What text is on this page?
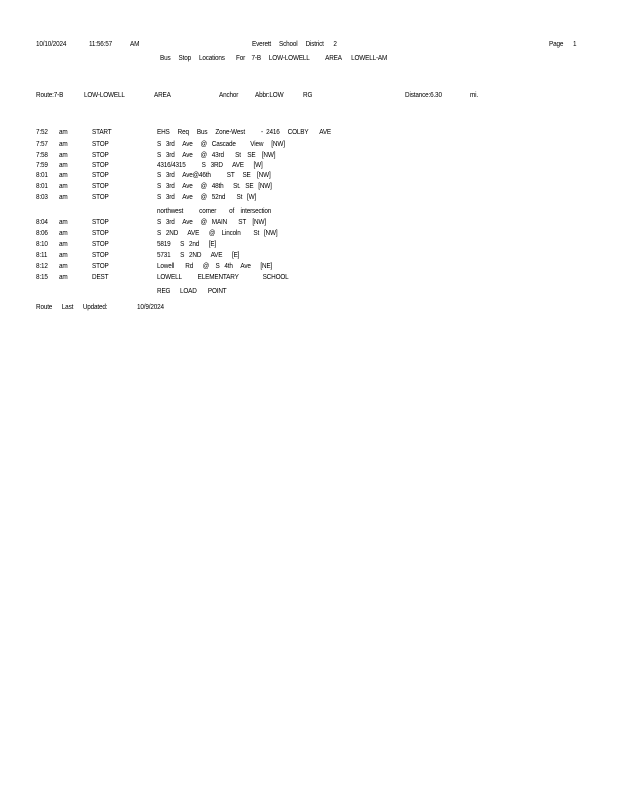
10/10/2024	11:56:57 AM	Everett     School     District      2	Page 1
Bus     Stop     Locations       For    7-B     LOW-LOWELL          AREA      LOWELL-AM
Route:7-B	LOW-LOWELL	AREA	Anchor Abbr:LOW	RG	Distance:6.30	mi.
7:52 am	START	EHS     Req     Bus     Zone-West          -  2416     COLBY       AVE
7:57 am	STOP	S   3rd     Ave     @   Cascade         View     [NW]
7:58 am	STOP	S   3rd     Ave     @   43rd       St    SE    [NW]
7:59 am	STOP	4316/4315          S   3RD      AVE      [W]
8:01 am	STOP	S   3rd     Ave@46th          ST     SE    [NW]
8:01 am	STOP	S   3rd     Ave     @   48th      St.   SE   [NW]
8:03 am	STOP	S   3rd     Ave     @   52nd       St   [W]
northwest          corner        of    intersection
8:04 am	STOP	S   3rd     Ave     @   MAIN       ST    [NW]
8:06 am	STOP	S   2ND      AVE      @    Lincoln        St   [NW]
8:10 am	STOP	5819      S   2nd      [E]
8:11 am	STOP	5731      S   2ND      AVE      [E]
8:12 am	STOP	Lowell       Rd      @    S   4th     Ave      [NE]
8:15 am	DEST	LOWELL          ELEMENTARY               SCHOOL
REG      LOAD       POINT
Route      Last      Updated:	10/9/2024
